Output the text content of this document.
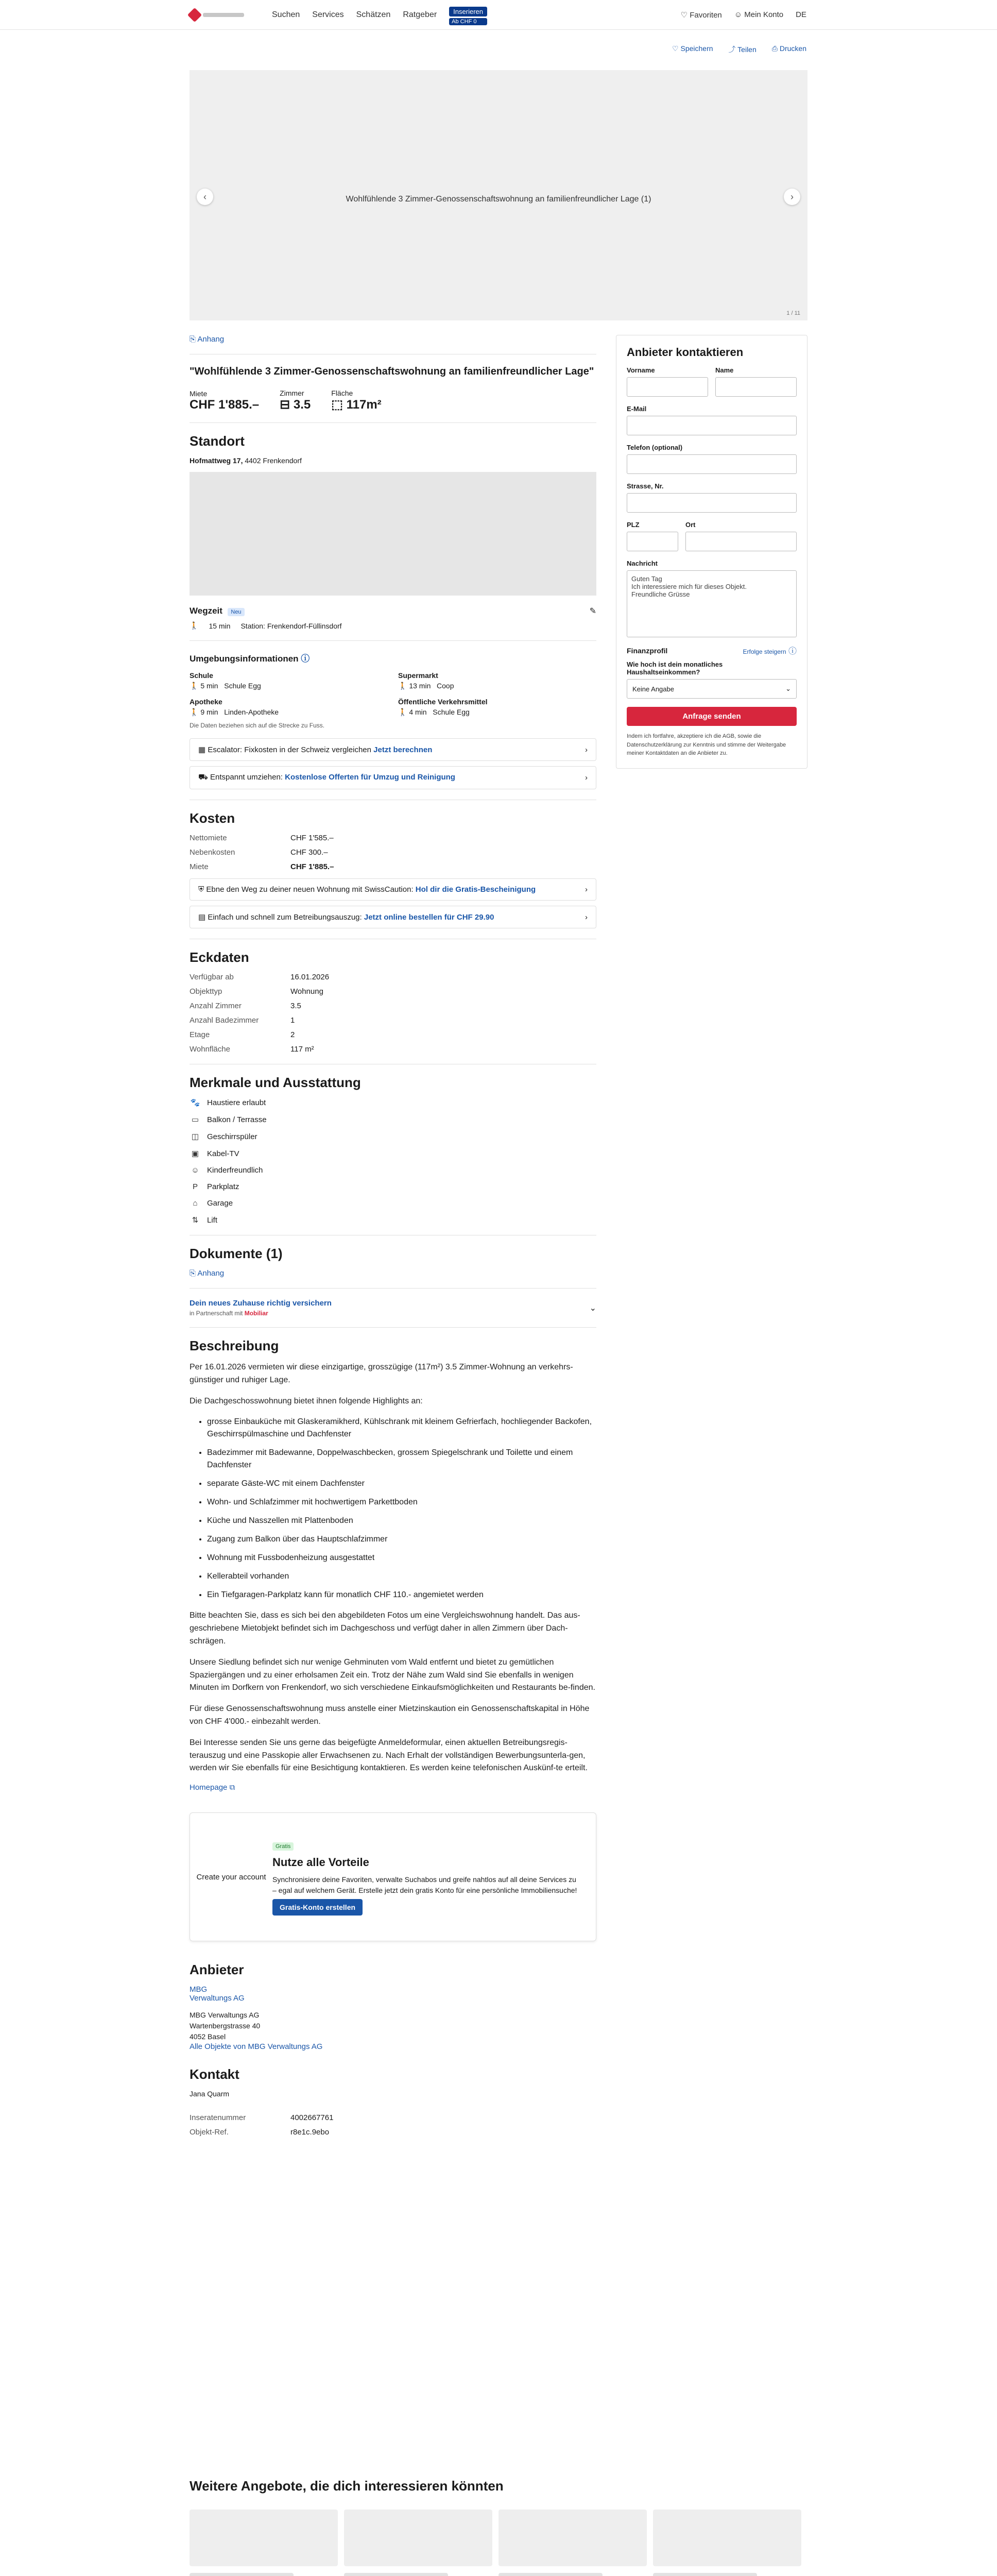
Suchen Services Schätzen Ratgeber	Inserieren
Ab CHF 0
♡ Favoriten ☺ Mein Konto DE
♡ Speichern ⤴ Teilen ⎙ Drucken
Wohlfühlende 3 Zimmer-Genossenschaftswohnung an familienfreundlicher Lage (1)
‹	›
1 / 11
⎘ Anhang
"Wohlfühlende 3 Zimmer-Genossenschaftswohnung an familienfreundlicher Lage"
Miete
CHF 1'885.–
Zimmer
⊟ 3.5
Fläche
⬚ 117m²
Standort
Hofmattweg 17, 4402 Frenkendorf
Wegzeit Neu	✎
🚶 15 min Station: Frenkendorf-Füllinsdorf
Umgebungsinformationen ⓘ
Schule
🚶 5 min Schule Egg
Supermarkt
🚶 13 min Coop
Apotheke
🚶 9 min Linden-Apotheke
Öffentliche Verkehrsmittel
🚶 4 min Schule Egg
Die Daten beziehen sich auf die Strecke zu Fuss.
▦ Escalator: Fixkosten in der Schweiz vergleichen Jetzt berechnen	›
⛟ Entspannt umziehen: Kostenlose Offerten für Umzug und Reinigung	›
Kosten
Nettomiete	CHF 1'585.–
Nebenkosten	CHF 300.–
Miete	CHF 1'885.–
⛨ Ebne den Weg zu deiner neuen Wohnung mit SwissCaution: Hol dir die Gratis-Bescheinigung	›
▤ Einfach und schnell zum Betreibungsauszug: Jetzt online bestellen für CHF 29.90	›
Eckdaten
Verfügbar ab	16.01.2026
Objekttyp	Wohnung
Anzahl Zimmer	3.5
Anzahl Badezimmer	1
Etage	2
Wohnfläche	117 m²
Merkmale und Ausstattung
🐾 Haustiere erlaubt
▭ Balkon / Terrasse
◫ Geschirrspüler
▣ Kabel-TV
☺ Kinderfreundlich
P	Parkplatz
⌂	Garage
⇅	Lift
Dokumente (1)
⎘ Anhang
Dein neues Zuhause richtig versichern
in Partnerschaft mit Mobiliar
⌄
Beschreibung

Per 16.01.2026 vermieten wir diese einzigartige, grosszügige (117m²) 3.5 Zimmer-Wohnung an verkehrs-günstiger und ruhiger Lage.

Die Dachgeschosswohnung bietet ihnen folgende Highlights an:

• grosse Einbauküche mit Glaskeramikherd, Kühlschrank mit kleinem Gefrierfach, hochliegender Backofen, Geschirrspülmaschine und Dachfenster
• Badezimmer mit Badewanne, Doppelwaschbecken, grossem Spiegelschrank und Toilette und einem Dachfenster
• separate Gäste-WC mit einem Dachfenster
• Wohn- und Schlafzimmer mit hochwertigem Parkettboden
• Küche und Nasszellen mit Plattenboden
• Zugang zum Balkon über das Hauptschlafzimmer
• Wohnung mit Fussbodenheizung ausgestattet
• Kellerabteil vorhanden
• Ein Tiefgaragen-Parkplatz kann für monatlich CHF 110.- angemietet werden

Bitte beachten Sie, dass es sich bei den abgebildeten Fotos um eine Vergleichswohnung handelt. Das aus-geschriebene Mietobjekt befindet sich im Dachgeschoss und verfügt daher in allen Zimmern über Dach-schrägen.

Unsere Siedlung befindet sich nur wenige Gehminuten vom Wald entfernt und bietet zu gemütlichen Spaziergängen und zu einer erholsamen Zeit ein. Trotz der Nähe zum Wald sind Sie ebenfalls in wenigen Minuten im Dorfkern von Frenkendorf, wo sich verschiedene Einkaufsmöglichkeiten und Restaurants be-finden.

Für diese Genossenschaftswohnung muss anstelle einer Mietzinskaution ein Genossenschaftskapital in Höhe von CHF 4'000.- einbezahlt werden.

Bei Interesse senden Sie uns gerne das beigefügte Anmeldeformular, einen aktuellen Betreibungsregis-terauszug und eine Passkopie aller Erwachsenen zu. Nach Erhalt der vollständigen Bewerbungsunterla-gen, werden wir Sie ebenfalls für eine Besichtigung kontaktieren. Es werden keine telefonischen Auskünf-te erteilt.

Homepage ⧉
Create your account
Gratis
Nutze alle Vorteile
Synchronisiere deine Favoriten, verwalte Suchabos und greife nahtlos auf all deine Services zu – egal auf welchem Gerät. Erstelle jetzt dein gratis Konto für eine persönliche Immobiliensuche!
Gratis-Konto erstellen
Anbieter
MBG
Verwaltungs AG
MBG Verwaltungs AG
Wartenbergstrasse 40
4052 Basel
Alle Objekte von MBG Verwaltungs AG
Kontakt
Jana Quarm
Inseratenummer	4002667761
Objekt-Ref.	r8e1c.9ebo
Anbieter kontaktieren
Vorname	Name
E-Mail
Telefon (optional)
Strasse, Nr.
PLZ	Ort
Nachricht
Guten Tag
Ich interessiere mich für dieses Objekt.
Freundliche Grüsse
Finanzprofil	Erfolge steigern ⓘ
Wie hoch ist dein monatliches Haushaltseinkommen?
Keine Angabe	⌄
Anfrage senden
Indem ich fortfahre, akzeptiere ich die AGB, sowie die Datenschutzerklärung zur Kenntnis und stimme der Weitergabe meiner Kontaktdaten an die Anbieter zu.
Weitere Angebote, die dich interessieren könnten
